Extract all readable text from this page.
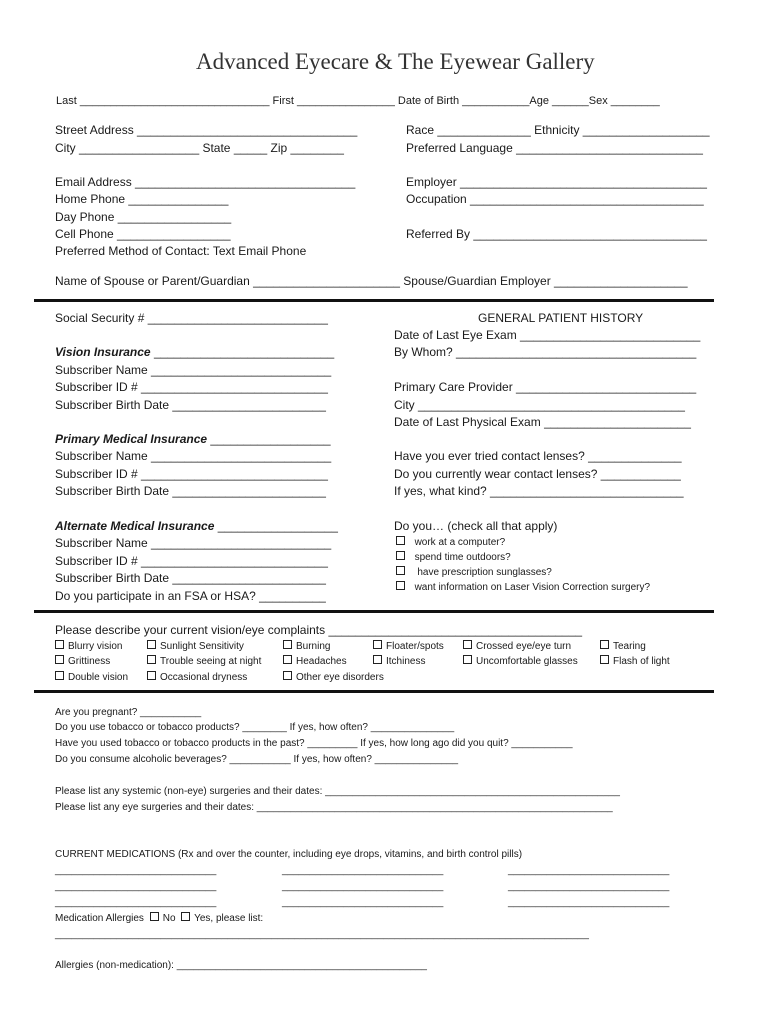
Advanced Eyecare & The Eyewear Gallery
Last _______________________________ First ________________ Date of Birth ___________Age ______Sex ________
Street Address _________________________________
City __________________ State _____ Zip ________
Email Address _________________________________
Home Phone _______________
Day Phone _________________
Cell Phone _________________
Preferred Method of Contact: Text Email Phone
Race ______________ Ethnicity ___________________
Preferred Language ____________________________
Employer _____________________________________
Occupation ___________________________________
Referred By ___________________________________
Name of Spouse or Parent/Guardian ______________________ Spouse/Guardian Employer ____________________
Social Security # ___________________________
Vision Insurance ___________________________
Subscriber Name ___________________________
Subscriber ID # ____________________________
Subscriber Birth Date _______________________
Primary Medical Insurance __________________
Subscriber Name ___________________________
Subscriber ID # ____________________________
Subscriber Birth Date _______________________
Alternate Medical Insurance __________________
Subscriber Name ___________________________
Subscriber ID # ____________________________
Subscriber Birth Date _______________________
Do you participate in an FSA or HSA? __________
GENERAL PATIENT HISTORY
Date of Last Eye Exam ___________________________
By Whom? ____________________________________
Primary Care Provider ___________________________
City ________________________________________
Date of Last Physical Exam ______________________
Have you ever tried contact lenses? ______________
Do you currently wear contact lenses? ____________
If yes, what kind? _____________________________
Do you… (check all that apply)
work at a computer?
spend time outdoors?
have prescription sunglasses?
want information on Laser Vision Correction surgery?
Please describe your current vision/eye complaints ______________________________________
Blurry vision	Sunlight Sensitivity	Burning	Floater/spots	Crossed eye/eye turn	Tearing
Grittiness	Trouble seeing at night	Headaches	Itchiness	Uncomfortable glasses	Flash of light
Double vision	Occasional dryness	Other eye disorders
Are you pregnant? ___________
Do you use tobacco or tobacco products? ________ If yes, how often? _______________
Have you used tobacco or tobacco products in the past? _________ If yes, how long ago did you quit? ___________
Do you consume alcoholic beverages? ___________ If yes, how often? _______________
Please list any systemic (non-eye) surgeries and their dates: _____________________________________________________
Please list any eye surgeries and their dates: ________________________________________________________________
CURRENT MEDICATIONS (Rx and over the counter, including eye drops, vitamins, and birth control pills)
_____________________________	_____________________________	_____________________________
_____________________________	_____________________________	_____________________________
_____________________________	_____________________________	_____________________________
Medication Allergies No Yes, please list:
________________________________________________________________________________________________
Allergies (non-medication): _____________________________________________
